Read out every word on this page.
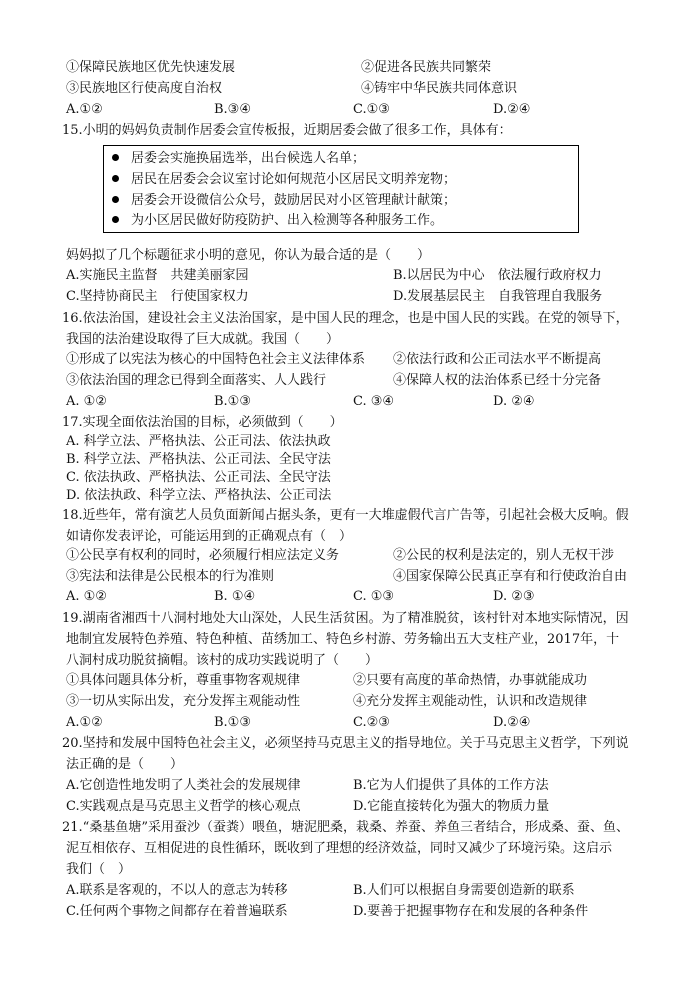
①保障民族地区优先快速发展	②促进各民族共同繁荣
③民族地区行使高度自治权	④铸牢中华民族共同体意识
A.①②	B.③④	C.①③	D.②④
15.小明的妈妈负责制作居委会宣传板报，近期居委会做了很多工作，具体有：
居委会实施换届选举，出台候选人名单；
居民在居委会会议室讨论如何规范小区居民文明养宠物；
居委会开设微信公众号，鼓励居民对小区管理献计献策；
为小区居民做好防疫防护、出入检测等各种服务工作。
妈妈拟了几个标题征求小明的意见，你认为最合适的是（　　）
A.实施民主监督　共建美丽家园	B.以居民为中心　依法履行政府权力
C.坚持协商民主　行使国家权力	D.发展基层民主　自我管理自我服务
16.依法治国，建设社会主义法治国家，是中国人民的理念，也是中国人民的实践。在党的领导下，
我国的法治建设取得了巨大成就。我国（　　）
①形成了以宪法为核心的中国特色社会主义法律体系 ②依法行政和公正司法水平不断提高
③依法治国的理念已得到全面落实、人人践行	④保障人权的法治体系已经十分完备
A. ①②	B.①③	C. ③④	D. ②④
17.实现全面依法治国的目标，必须做到（　　）
A. 科学立法、严格执法、公正司法、依法执政
B. 科学立法、严格执法、公正司法、全民守法
C. 依法执政、严格执法、公正司法、全民守法
D. 依法执政、科学立法、严格执法、公正司法
18.近些年，常有演艺人员负面新闻占据头条，更有一大堆虚假代言广告等，引起社会极大反响。假
如请你发表评论，可能运用到的正确观点有（　）
①公民享有权利的同时，必须履行相应法定义务	②公民的权利是法定的，别人无权干涉
③宪法和法律是公民根本的行为准则	④国家保障公民真正享有和行使政治自由
A. ①②	B. ①④	C. ①③	D. ②③
19.湖南省湘西十八洞村地处大山深处，人民生活贫困。为了精准脱贫，该村针对本地实际情况，因
地制宜发展特色养殖、特色种植、苗绣加工、特色乡村游、劳务输出五大支柱产业，2017年，十
八洞村成功脱贫摘帽。该村的成功实践说明了（　　）
①具体问题具体分析，尊重事物客观规律	②只要有高度的革命热情，办事就能成功
③一切从实际出发，充分发挥主观能动性	④充分发挥主观能动性，认识和改造规律
A.①②	B.①③	C.②③	D.②④
20.坚持和发展中国特色社会主义，必须坚持马克思主义的指导地位。关于马克思主义哲学，下列说
法正确的是（　　）
A.它创造性地发明了人类社会的发展规律	B.它为人们提供了具体的工作方法
C.实践观点是马克思主义哲学的核心观点	D.它能直接转化为强大的物质力量
21.“桑基鱼塘”采用蚕沙（蚕粪）喂鱼，塘泥肥桑，栽桑、养蚕、养鱼三者结合，形成桑、蚕、鱼、
泥互相依存、互相促进的良性循环，既收到了理想的经济效益，同时又减少了环境污染。这启示
我们（　）
A.联系是客观的，不以人的意志为转移	B.人们可以根据自身需要创造新的联系
C.任何两个事物之间都存在着普遍联系	D.要善于把握事物存在和发展的各种条件
